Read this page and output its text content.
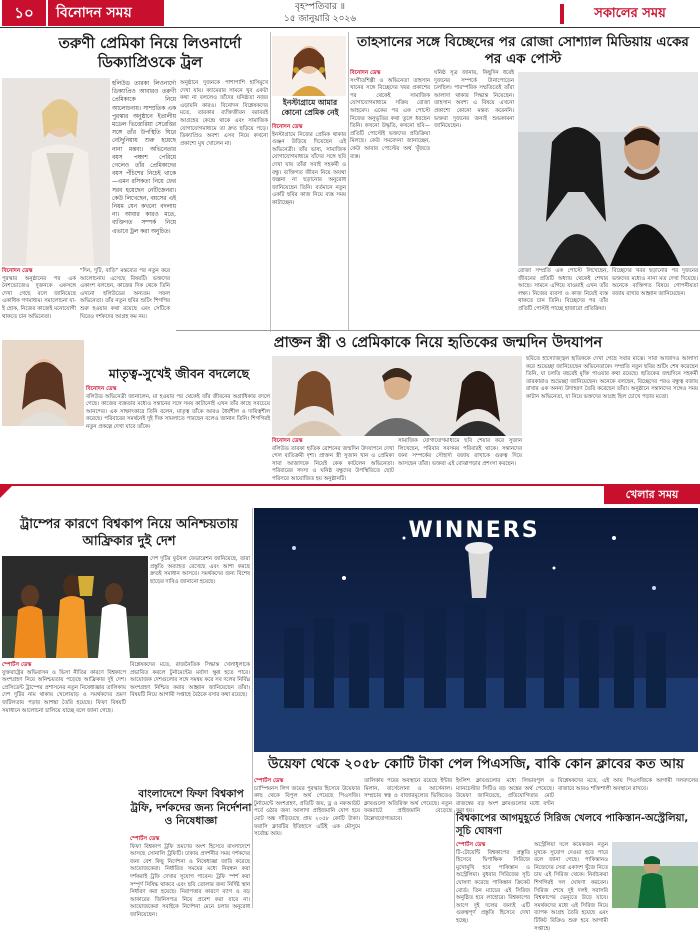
১০	বিনোদন সময়	বৃহস্পতিবার ॥
১৫ জানুয়ারি ২০২৬	সকালের সময়
তরুণী প্রেমিকা নিয়ে লিওনার্দো ডিক্যাপ্রিওকে ট্রল
হলিউড তারকা লিওনার্দো ডিক্যাপ্রিও আবারও তরুণী প্রেমিকাকে নিয়ে আলোচনায়। সাম্প্রতিক এক পুরস্কার অনুষ্ঠানে ইতালীয় মডেল ভিত্তোরিয়া সেরেত্তির সঙ্গে তাঁর উপস্থিতি ঘিরে নেটদুনিয়ায় শুরু হয়েছে নানা মন্তব্য। অভিনেতার বয়স পঞ্চাশ পেরিয়ে গেলেও তাঁর প্রেমিকাদের বয়স পঁচিশের নিচেই থাকে—এমন রসিকতা নিয়ে ফের সরব হয়েছেন নেটিজেনরা। কেউ লিখেছেন, বয়সের এই নিয়ম যেন কখনো বদলায় না। আবার কারও মতে, ব্যক্তিগত সম্পর্ক নিয়ে এভাবে ট্রল করা অনুচিত।
অনুষ্ঠানে দুজনকে পাশাপাশি হাসিমুখে দেখা যায়। ক্যামেরার সামনে খুব একটা কথা না বললেও তাঁদের ঘনিষ্ঠতা নজর এড়ায়নি কারও। বিনোদন বিশ্লেষকদের মতে, তারকার ব্যক্তিজীবন বরাবরই আগ্রহের কেন্দ্রে থাকে এবং সামাজিক যোগাযোগমাধ্যমে তা দ্রুত ছড়িয়ে পড়ে। ডিক্যাপ্রিও অবশ্য এসব নিয়ে কখনো প্রকাশ্যে মুখ খোলেন না।
বিনোদন ডেস্ক
পুরস্কার অনুষ্ঠানের পর এক নৈশভোজেও দুজনকে একসঙ্গে দেখা গেছে বলে জানিয়েছে একাধিক গণমাধ্যম। সমালোচনা যা-ই হোক, নিজের কাজেই মনোযোগী থাকতে চান অভিনেতা।
"দিন, দুটি, বাড়ি" মন্তব্যের পর নতুন করে আলোচনায় এসেছে বিষয়টি। ভক্তদের একাংশ বলছেন, কাজের দিক থেকে তিনি এখনো হলিউডের অন্যতম সফল অভিনেতা। তাঁর নতুন ছবির শুটিং শিগগির শুরু হওয়ার কথা রয়েছে এবং সেটিকে ঘিরেও দর্শকদের আগ্রহ কম নয়।
ইনস্টাগ্রামে আমার কোনো প্রেমিক নেই
বিনোদন ডেস্ক
ইনস্টাগ্রামে নিজের প্রেমিক থাকার গুঞ্জন উড়িয়ে দিয়েছেন এই অভিনেত্রী। তাঁর ভাষ্য, সামাজিক যোগাযোগমাধ্যমে যাঁদের সঙ্গে ছবি দেখা যায় তাঁরা সবাই সহকর্মী ও বন্ধু। ব্যক্তিগত জীবন নিয়ে অযথা জল্পনা না ছড়ানোর অনুরোধ জানিয়েছেন তিনি। বর্তমানে নতুন একটি ছবির কাজ নিয়ে ব্যস্ত সময় কাটাচ্ছেন।
তাহসানের সঙ্গে বিচ্ছেদের পর রোজা সোশ্যাল মিডিয়ায় একের পর এক পোস্ট
বিনোদন ডেস্ক
সংগীতশিল্পী ও অভিনেতা তাহসান খানের সঙ্গে বিচ্ছেদের খবর প্রকাশের পর থেকেই সামাজিক যোগাযোগমাধ্যমে সক্রিয় রোজা আহমেদ। একের পর এক পোস্টে নিজের অনুভূতির কথা তুলে ধরছেন তিনি। কখনো উদ্ধৃতি, কখনো ছবি—প্রতিটি পোস্টেই ভক্তদের প্রতিক্রিয়া মিলছে। কেউ সমবেদনা জানাচ্ছেন, কেউ আবার পোস্টের অর্থ খুঁজতে ব্যস্ত।
ঘনিষ্ঠ সূত্র জানায়, কিছুদিন ধরেই দুজনের সম্পর্কে টানাপোড়েন চলছিল। পারস্পরিক সম্মতিতেই তাঁরা আলাদা থাকার সিদ্ধান্ত নিয়েছেন। তাহসান অবশ্য এ বিষয়ে এখনো প্রকাশ্যে কোনো মন্তব্য করেননি। ভক্তরা দুজনের জন্যই শুভকামনা জানিয়েছেন।
রোজা সম্প্রতি এক পোস্টে লিখেছেন, জীবনের প্রতিটি অধ্যায় থেকেই শেখার আছে। সামনে এগিয়ে যাওয়াই এখন তাঁর লক্ষ্য। নিজের ব্যবসা ও কাজ নিয়েই ব্যস্ত থাকতে চান তিনি। বিচ্ছেদের পর তাঁর প্রতিটি পোস্টই পাচ্ছে হাজারো প্রতিক্রিয়া।
বিচ্ছেদের খবর ছড়ানোর পর দুজনের ভক্তদের মধ্যেও নানা মত দেখা দিয়েছে। অনেকে ব্যক্তিগত বিষয়ে গোপনীয়তা বজায় রাখার আহ্বান জানিয়েছেন।
প্রাক্তন স্ত্রী ও প্রেমিকাকে নিয়ে হৃতিকের জন্মদিন উদযাপন
বিনোদন ডেস্ক
বলিউড তারকা হৃতিক রোশনের জন্মদিন উদযাপনে দেখা গেল ব্যতিক্রমী দৃশ্য। প্রাক্তন স্ত্রী সুজান খান ও প্রেমিকা সাবা আজাদকে নিয়েই কেক কাটলেন অভিনেতা। পরিবারের সদস্য ও ঘনিষ্ঠ বন্ধুদের উপস্থিতিতে ছোট পরিসরে আয়োজিত হয় অনুষ্ঠানটি।
সামাজিক যোগাযোগমাধ্যমে ছবি শেয়ার করে সুজান লিখেছেন, পরিবার সবসময় পরিবারই থাকে। সন্তানদের জন্য সম্পর্কের সৌহার্দ্য বজায় রাখাকে গুরুত্ব দিয়ে আসছেন তাঁরা। ভক্তরা এই বোঝাপড়ার প্রশংসা করছেন।
ছবিতে হাস্যোজ্জ্বল হৃতিককে দেখা গেছে সবার মাঝে। সাবা আজাদও আলাদা করে শুভেচ্ছা জানিয়েছেন অভিনেতাকে। সম্প্রতি নতুন ছবির শুটিং শেষ করেছেন তিনি, যা চলতি বছরেই মুক্তি পাওয়ার কথা রয়েছে। হৃতিকের জন্মদিনে সহকর্মী তারকারাও শুভেচ্ছা জানিয়েছেন। অনেকে বলছেন, বিচ্ছেদের পরও বন্ধুত্ব বজায় রাখার এক অনন্য উদাহরণ তৈরি করেছেন তাঁরা। অনুষ্ঠানে সন্তানদের সঙ্গেও সময় কাটান অভিনেতা, যা নিয়ে ভক্তদের আগ্রহ ছিল চোখে পড়ার মতো।
মাতৃত্ব-সুখেই জীবন বদলেছে
বিনোদন ডেস্ক
বলিউড অভিনেত্রী জানালেন, মা হওয়ার পর থেকেই তাঁর জীবনের অগ্রাধিকার বদলে গেছে। কাজের ব্যস্ততার মধ্যেও সন্তানের সঙ্গে সময় কাটানোই এখন তাঁর কাছে সবচেয়ে আনন্দের। এক সাক্ষাৎকারে তিনি বলেন, মাতৃত্ব তাঁকে আরও ধৈর্যশীল ও দায়িত্বশীল করেছে। পরিবারের সমর্থনেই দুই দিক সামলাতে পারছেন বলেও জানান তিনি। শিগগিরই নতুন প্রকল্পে দেখা যাবে তাঁকে।
খেলার সময়
ট্রাম্পের কারণে বিশ্বকাপ নিয়ে অনিশ্চয়তায় আফ্রিকার দুই দেশ
দেশ দুটির ফুটবল ফেডারেশন জানিয়েছে, তারা প্রস্তুতি অব্যাহত রেখেছে এবং আশা করছে দ্রুতই সমাধান আসবে। সমর্থকদের জন্য বিশেষ ছাড়ের দাবিও জানানো হয়েছে।
স্পোর্টস ডেস্ক
যুক্তরাষ্ট্রের অভিবাসন ও ভিসা নীতির কারণে বিশ্বকাপে অংশগ্রহণ নিয়ে অনিশ্চয়তায় পড়েছে আফ্রিকার দুই দেশ। প্রেসিডেন্ট ট্রাম্পের প্রশাসনের নতুন নিষেধাজ্ঞার তালিকায় দেশ দুটির নাম থাকায় খেলোয়াড় ও সমর্থকদের ভ্রমণ জটিলতায় পড়ার আশঙ্কা তৈরি হয়েছে। ফিফা বিষয়টি সমাধানে আলোচনা চালিয়ে যাচ্ছে বলে জানা গেছে।
বিশ্লেষকদের মতে, রাজনৈতিক সিদ্ধান্ত খেলাধুলাকে প্রভাবিত করলে টুর্নামেন্টের মর্যাদা ক্ষুণ্ণ হতে পারে। আয়োজক দেশগুলোর সঙ্গে সমন্বয় করে সব দলের নির্বিঘ্ন অংশগ্রহণ নিশ্চিত করার আহ্বান জানিয়েছেন তাঁরা। বিষয়টি নিয়ে আগামী সপ্তাহে বৈঠকে বসার কথা রয়েছে।
বাংলাদেশে ফিফা বিশ্বকাপ ট্রফি, দর্শকদের জন্য নির্দেশনা ও নিষেধাজ্ঞা
স্পোর্টস ডেস্ক
ফিফা বিশ্বকাপ ট্রফি ভ্রমণের অংশ হিসেবে বাংলাদেশে আসছে সোনালি ট্রফিটি। ঢাকায় প্রদর্শনীর সময় দর্শকদের জন্য বেশ কিছু নির্দেশনা ও নিষেধাজ্ঞা জারি করেছে আয়োজকেরা। নির্ধারিত সময়ের মধ্যে নিবন্ধন করা দর্শকরাই ট্রফি দেখার সুযোগ পাবেন। ট্রফি স্পর্শ করা সম্পূর্ণ নিষিদ্ধ থাকবে এবং ছবি তোলার জন্য নির্দিষ্ট স্থান নির্ধারণ করা হয়েছে। নিরাপত্তার কারণে ব্যাগ ও বড় আকারের জিনিসপত্র নিয়ে প্রবেশ করা যাবে না। আয়োজকেরা সবাইকে নির্দেশনা মেনে চলার অনুরোধ জানিয়েছেন।
WINNERS
উয়েফা থেকে ২০৫৮ কোটি টাকা পেল পিএসজি, বাকি কোন ক্লাবের কত আয়
স্পোর্টস ডেস্ক
চ্যাম্পিয়নস লিগ জয়ের পুরস্কার হিসেবে উয়েফার কাছ থেকে বিপুল অর্থ পেয়েছে পিএসজি। টুর্নামেন্টে অংশগ্রহণ, প্রতিটি জয়, ড্র ও নকআউট পর্বে ওঠার জন্য আলাদা প্রাইজমানি যোগ হয়ে মোট অঙ্ক দাঁড়িয়েছে প্রায় ২০৫৮ কোটি টাকা। ফরাসি ক্লাবটির ইতিহাসে এটিই এক মৌসুমে সর্বোচ্চ আয়।
তালিকায় পরের অবস্থানে রয়েছে ইন্টার মিলান, বার্সেলোনা ও আর্সেনাল। সম্প্রচার স্বত্ব ও বাজারমূল্যের ভিত্তিতেও ক্লাবগুলো অতিরিক্ত অর্থ পেয়েছে। নতুন ফরম্যাটে প্রাইজমানি বেড়েছে উল্লেখযোগ্যভাবে।
ইংলিশ ক্লাবগুলোর মধ্যে লিভারপুল ও ম্যানচেস্টার সিটিও বড় অঙ্কের অর্থ পেয়েছে। উয়েফা জানিয়েছে, প্রতিযোগিতার মোট রাজস্বের বড় অংশ ক্লাবগুলোর মধ্যে বণ্টন করা হয়।
বিশ্লেষকদের মতে, এই আয় পিএসজিকে আগামী দলবদলের বাজারে আরও শক্তিশালী অবস্থানে রাখবে।
বিশ্বকাপের আগমুহূর্তে সিরিজ খেলবে পাকিস্তান-অস্ট্রেলিয়া, সূচি ঘোষণা
স্পোর্টস ডেস্ক
টি-টোয়েন্টি বিশ্বকাপের প্রস্তুতি হিসেবে দ্বিপাক্ষিক সিরিজে মুখোমুখি হবে পাকিস্তান ও অস্ট্রেলিয়া। বুধবার সিরিজের সূচি ঘোষণা করেছে পাকিস্তান ক্রিকেট বোর্ড। তিন ম্যাচের এই সিরিজ অনুষ্ঠিত হবে লাহোরে। বিশ্বকাপের আগে দুই দলের জন্যই এটি গুরুত্বপূর্ণ প্রস্তুতি হিসেবে দেখা হচ্ছে।
অস্ট্রেলিয়া দলে কয়েকজন নতুন মুখকে সুযোগ দেওয়া হতে পারে বলে জানা গেছে। পাকিস্তানও নিজেদের সেরা একাদশ খুঁজে নিতে চায় এই সিরিজ থেকে। নির্বাচকরা শিগগিরই দল ঘোষণা করবেন। সিরিজ শেষে দুই দলই সরাসরি বিশ্বকাপের ভেন্যুতে উড়ে যাবে। সমর্থকদের মধ্যে এই সিরিজ নিয়ে ব্যাপক আগ্রহ তৈরি হয়েছে এবং টিকিট বিক্রিও শুরু হবে আগামী সপ্তাহে।
